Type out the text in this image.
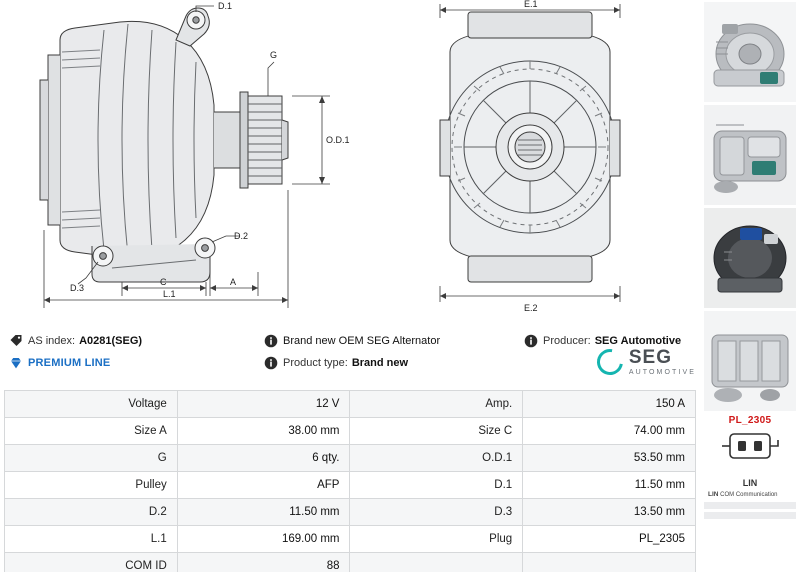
D.1
G
O.D.1
D.2
D.3
A
C
L.1
E.1
E.2
PL_2305
LIN
LIN COM Communication
AS index: A0281(SEG)	Brand new OEM SEG Alternator	Producer: SEG Automotive
PREMIUM LINE	Product type: Brand new	SEG
AUTOMOTIVE
Voltage	12 V	Amp.	150 A
Size A	38.00 mm	Size C	74.00 mm
G	6 qty.	O.D.1	53.50 mm
Pulley	AFP	D.1	11.50 mm
D.2	11.50 mm	D.3	13.50 mm
L.1	169.00 mm	Plug	PL_2305
COM ID	88		
